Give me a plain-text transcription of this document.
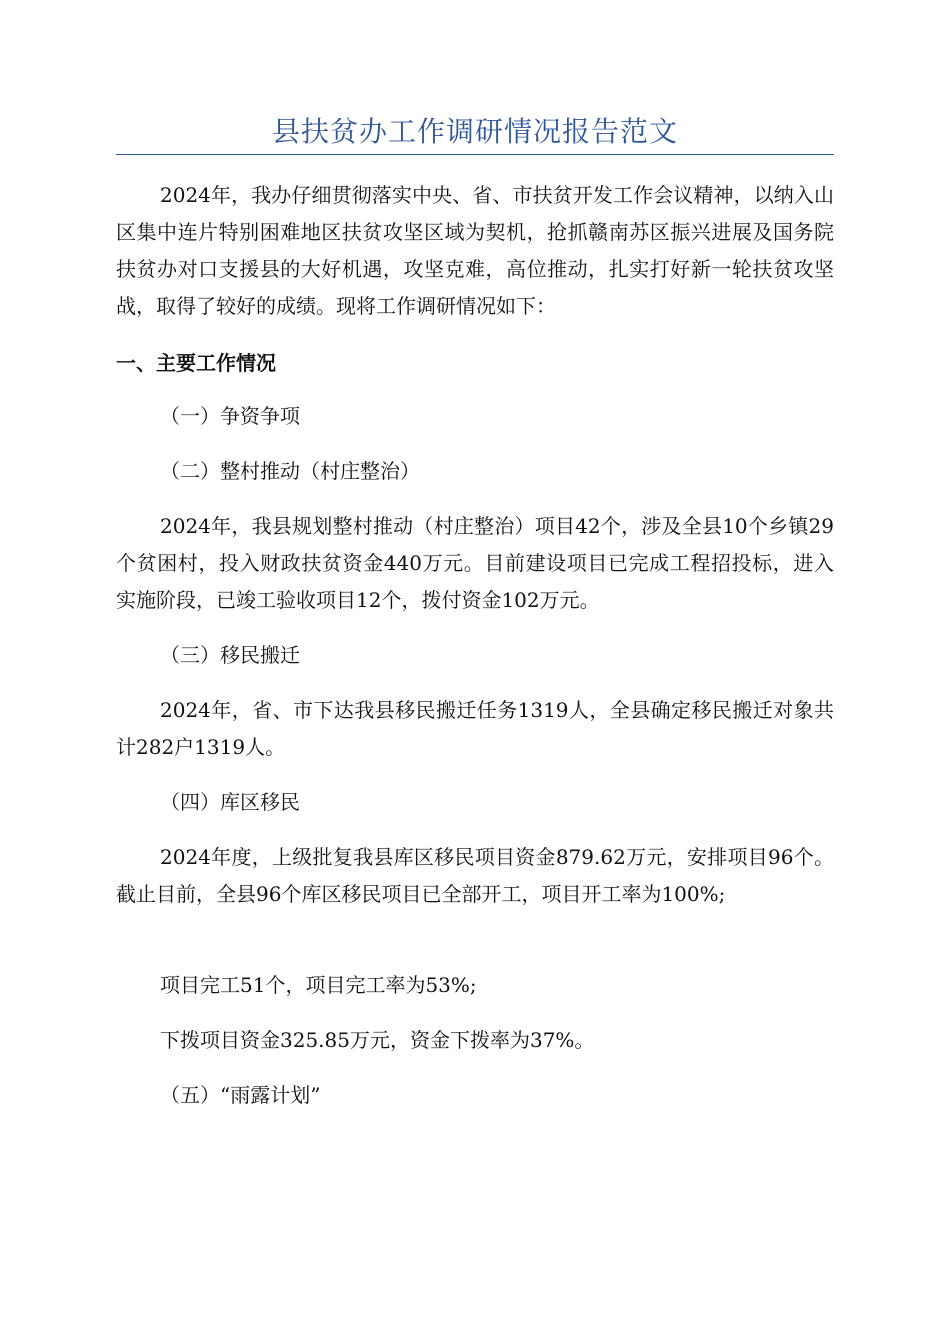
县扶贫办工作调研情况报告范文

2024年，我办仔细贯彻落实中央、省、市扶贫开发工作会议精神，以纳入山区集中连片特别困难地区扶贫攻坚区域为契机，抢抓赣南苏区振兴进展及国务院扶贫办对口支援县的大好机遇，攻坚克难，高位推动，扎实打好新一轮扶贫攻坚战，取得了较好的成绩。现将工作调研情况如下：

一、主要工作情况
（一）争资争项
（二）整村推动（村庄整治）

2024年，我县规划整村推动（村庄整治）项目42个，涉及全县10个乡镇29个贫困村，投入财政扶贫资金440万元。目前建设项目已完成工程招投标，进入实施阶段，已竣工验收项目12个，拨付资金102万元。

（三）移民搬迁

2024年，省、市下达我县移民搬迁任务1319人，全县确定移民搬迁对象共计282户1319人。

（四）库区移民

2024年度，上级批复我县库区移民项目资金879.62万元，安排项目96个。截止目前，全县96个库区移民项目已全部开工，项目开工率为100%;

项目完工51个，项目完工率为53%;

下拨项目资金325.85万元，资金下拨率为37%。

（五）“雨露计划”
